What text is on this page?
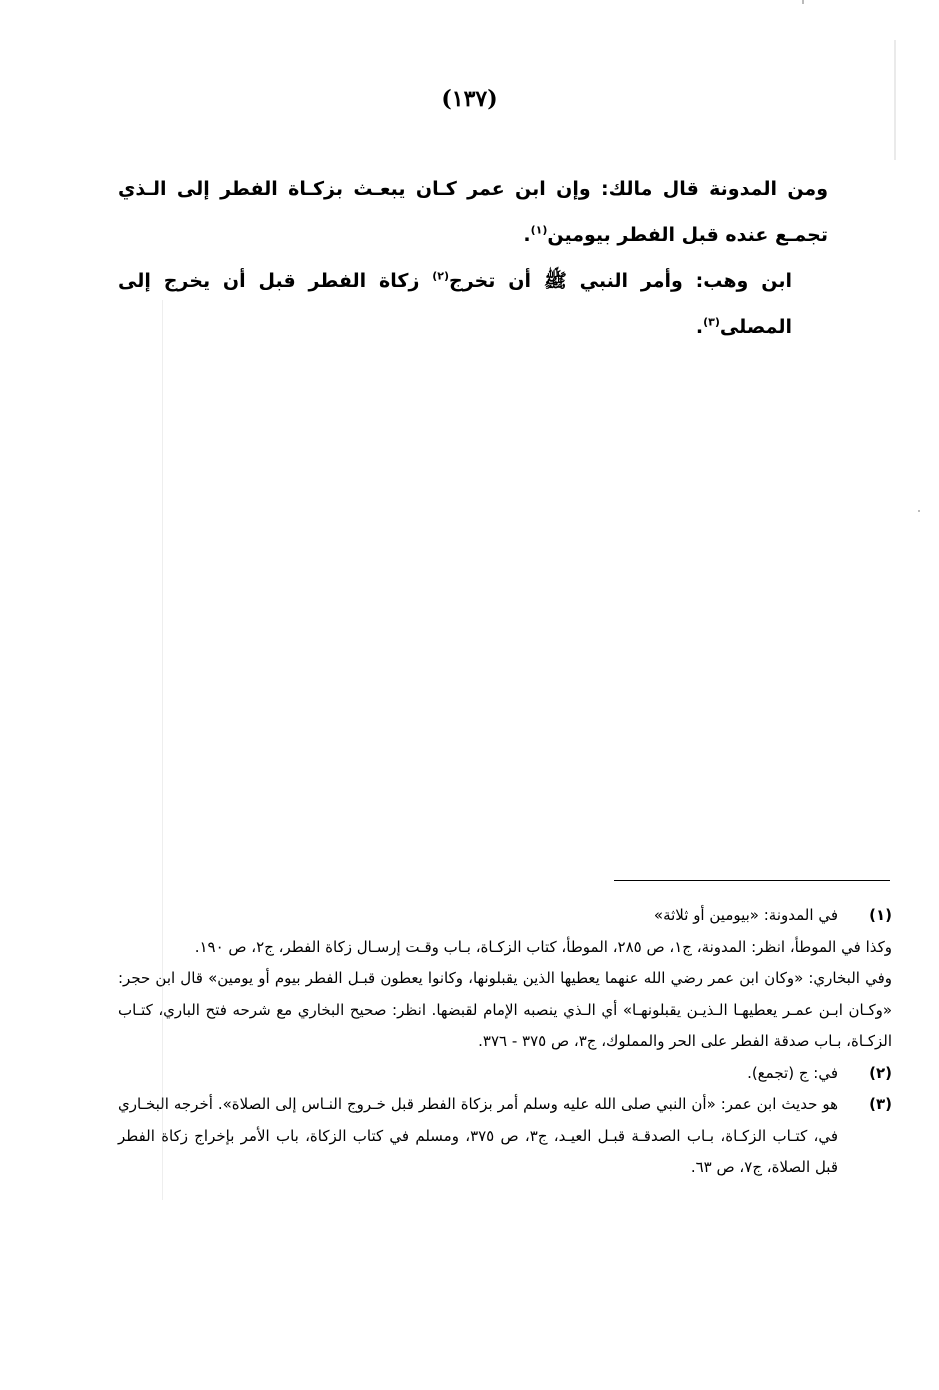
(١٣٧)

ومن المدونة قال مالك: وإن ابن عمر كـان يبعـث بزكـاة الفطر إلى الـذي تجمـع عنده قبل الفطر بيومين$^{(١)}$.

ابن وهب: وأمر النبي ﷺ أن تخرج$^{(٢)}$ زكاة الفطر قبل أن يخرج إلى المصلى$^{(٣)}$.

(١)

في المدونة: «بيومين أو ثلاثة»

وكذا في الموطأ، انظر: المدونة، ج١، ص ٢٨٥، الموطأ، كتاب الزكـاة، بـاب وقـت إرسـال زكاة الفطر، ج٢، ص ١٩٠.

وفي البخاري: «وكان ابن عمر رضي الله عنهما يعطيها الذين يقبلونها، وكانوا يعطون قبـل الفطر بيوم أو يومين» قال ابن حجر: «وكـان ابـن عمـر يعطيهـا الـذيـن يقبلونهـا» أي الـذي ينصبه الإمام لقبضها. انظر: صحيح البخاري مع شرحه فتح الباري، كتـاب الزكـاة، بـاب صدقة الفطر على الحر والمملوك، ج٣، ص ٣٧٥ - ٣٧٦.

(٢)

في: ج (تجمع).

(٣)

هو حديث ابن عمر: «أن النبي صلى الله عليه وسلم أمر بزكاة الفطر قبل خـروج النـاس إلى الصلاة». أخرجه البخـاري في، كتـاب الزكـاة، بـاب الصدقـة قبـل العيـد، ج٣، ص ٣٧٥، ومسلم في كتاب الزكاة، باب الأمر بإخراج زكاة الفطر قبل الصلاة، ج٧، ص ٦٣.
